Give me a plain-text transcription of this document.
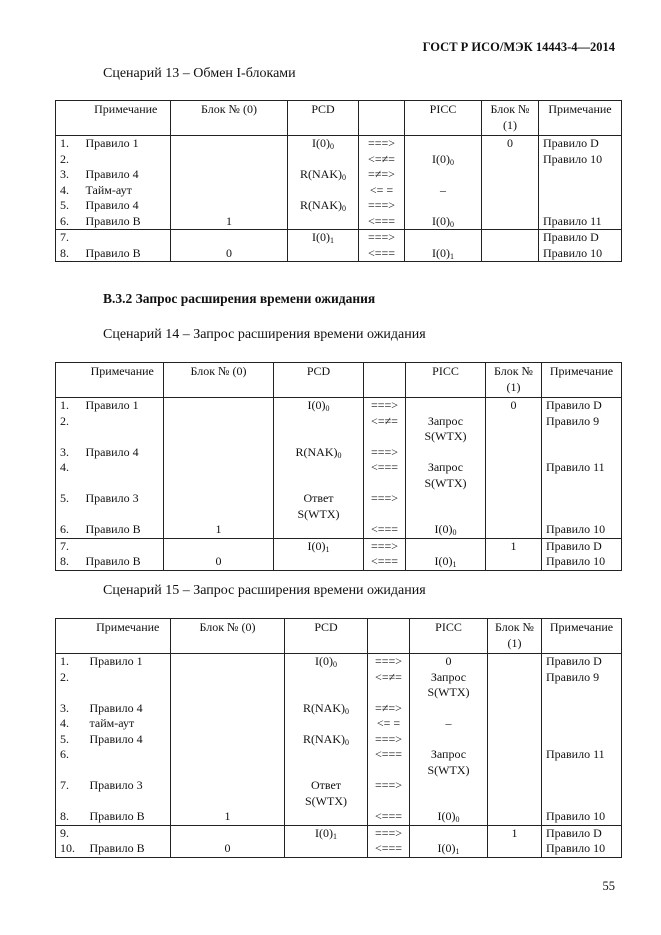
ГОСТ Р ИСО/МЭК 14443-4—2014
Сценарий 13 – Обмен I-блоками
	Примечание	Блок № (0)	PCD		PICC	Блок № (1)	Примечание
1.	Правило 1		$I(0)_0$	===>		0	Правило D
2.				<=≠=	$I(0)_0$		Правило 10
3.	Правило 4		$R(NAK)_0$	=≠=>			
4.	Тайм-аут			<= =	–		
5.	Правило 4		$R(NAK)_0$	===>			
6.	Правило B	1		<===	$I(0)_0$		Правило 11
7.			$I(0)_1$	===>			Правило D
8.	Правило B	0		<===	$I(0)_1$		Правило 10
В.3.2 Запрос расширения времени ожидания
Сценарий 14 – Запрос расширения времени ожидания
	Примечание	Блок № (0)	PCD		PICC	Блок № (1)	Примечание
1.	Правило 1		$I(0)_0$	===>		0	Правило D
2.				<=≠=	Запрос
S(WTX)		Правило 9
3.	Правило 4		$R(NAK)_0$	===>			
4.				<===	Запрос
S(WTX)		Правило 11
5.	Правило 3		Ответ
S(WTX)	===>			
6.	Правило B	1		<===	$I(0)_0$		Правило 10
7.			$I(0)_1$	===>		1	Правило D
8.	Правило B	0		<===	$I(0)_1$		Правило 10
Сценарий 15 – Запрос расширения времени ожидания
	Примечание	Блок № (0)	PCD		PICC	Блок № (1)	Примечание
1.	Правило 1		$I(0)_0$	===>	0		Правило D
2.				<=≠=	Запрос
S(WTX)		Правило 9
3.	Правило 4		$R(NAK)_0$	=≠=>			
4.	тайм-аут			<= =	–		
5.	Правило 4		$R(NAK)_0$	===>			
6.				<===	Запрос
S(WTX)		Правило 11
7.	Правило 3		Ответ
S(WTX)	===>			
8.	Правило B	1		<===	$I(0)_0$		Правило 10
9.			$I(0)_1$	===>		1	Правило D
10.	Правило B	0		<===	$I(0)_1$		Правило 10
55
